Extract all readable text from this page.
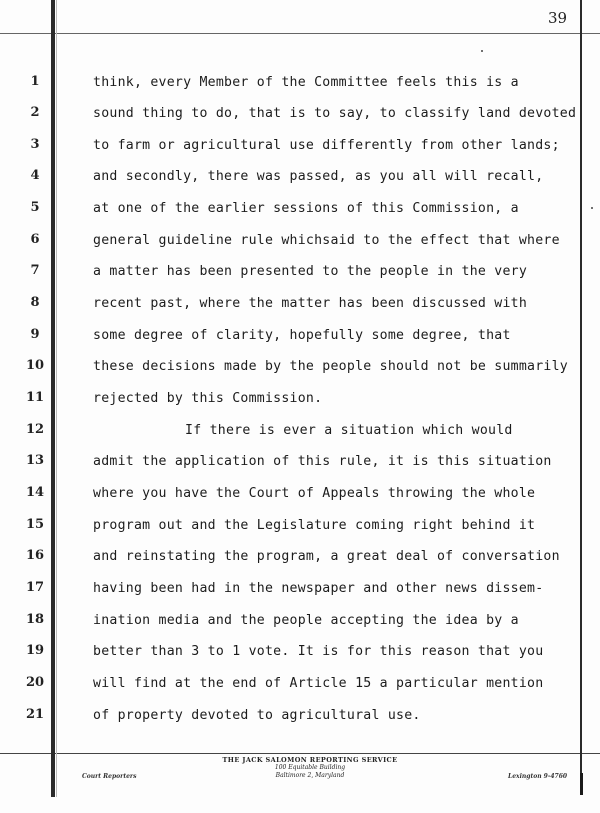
39
1
2
3
4
5
6
7
8
9
10
11
12
13
14
15
16
17
18
19
20
21
think, every Member of the Committee feels this is a
sound thing to do, that is to say, to classify land devoted
to farm or agricultural use differently from other lands;
and secondly, there was passed, as you all will recall,
at one of the earlier sessions of this Commission, a
general guideline rule whichsaid to the effect that where
a matter has been presented to the people in the very
recent past, where the matter has been discussed with
some degree of clarity, hopefully some degree, that
these decisions made by the people should not be summarily
rejected by this Commission.
If there is ever a situation which would
admit the application of this rule, it is this situation
where you have the Court of Appeals throwing the whole
program out and the Legislature coming right behind it
and reinstating the program, a great deal of conversation
having been had in the newspaper and other news dissem-
ination media and the people accepting the idea by a
better than 3 to 1 vote. It is for this reason that you
will find at the end of Article 15 a particular mention
of property devoted to agricultural use.
Court Reporters
THE JACK SALOMON REPORTING SERVICE
100 Equitable Building
Baltimore 2, Maryland	Lexington 9-4760
